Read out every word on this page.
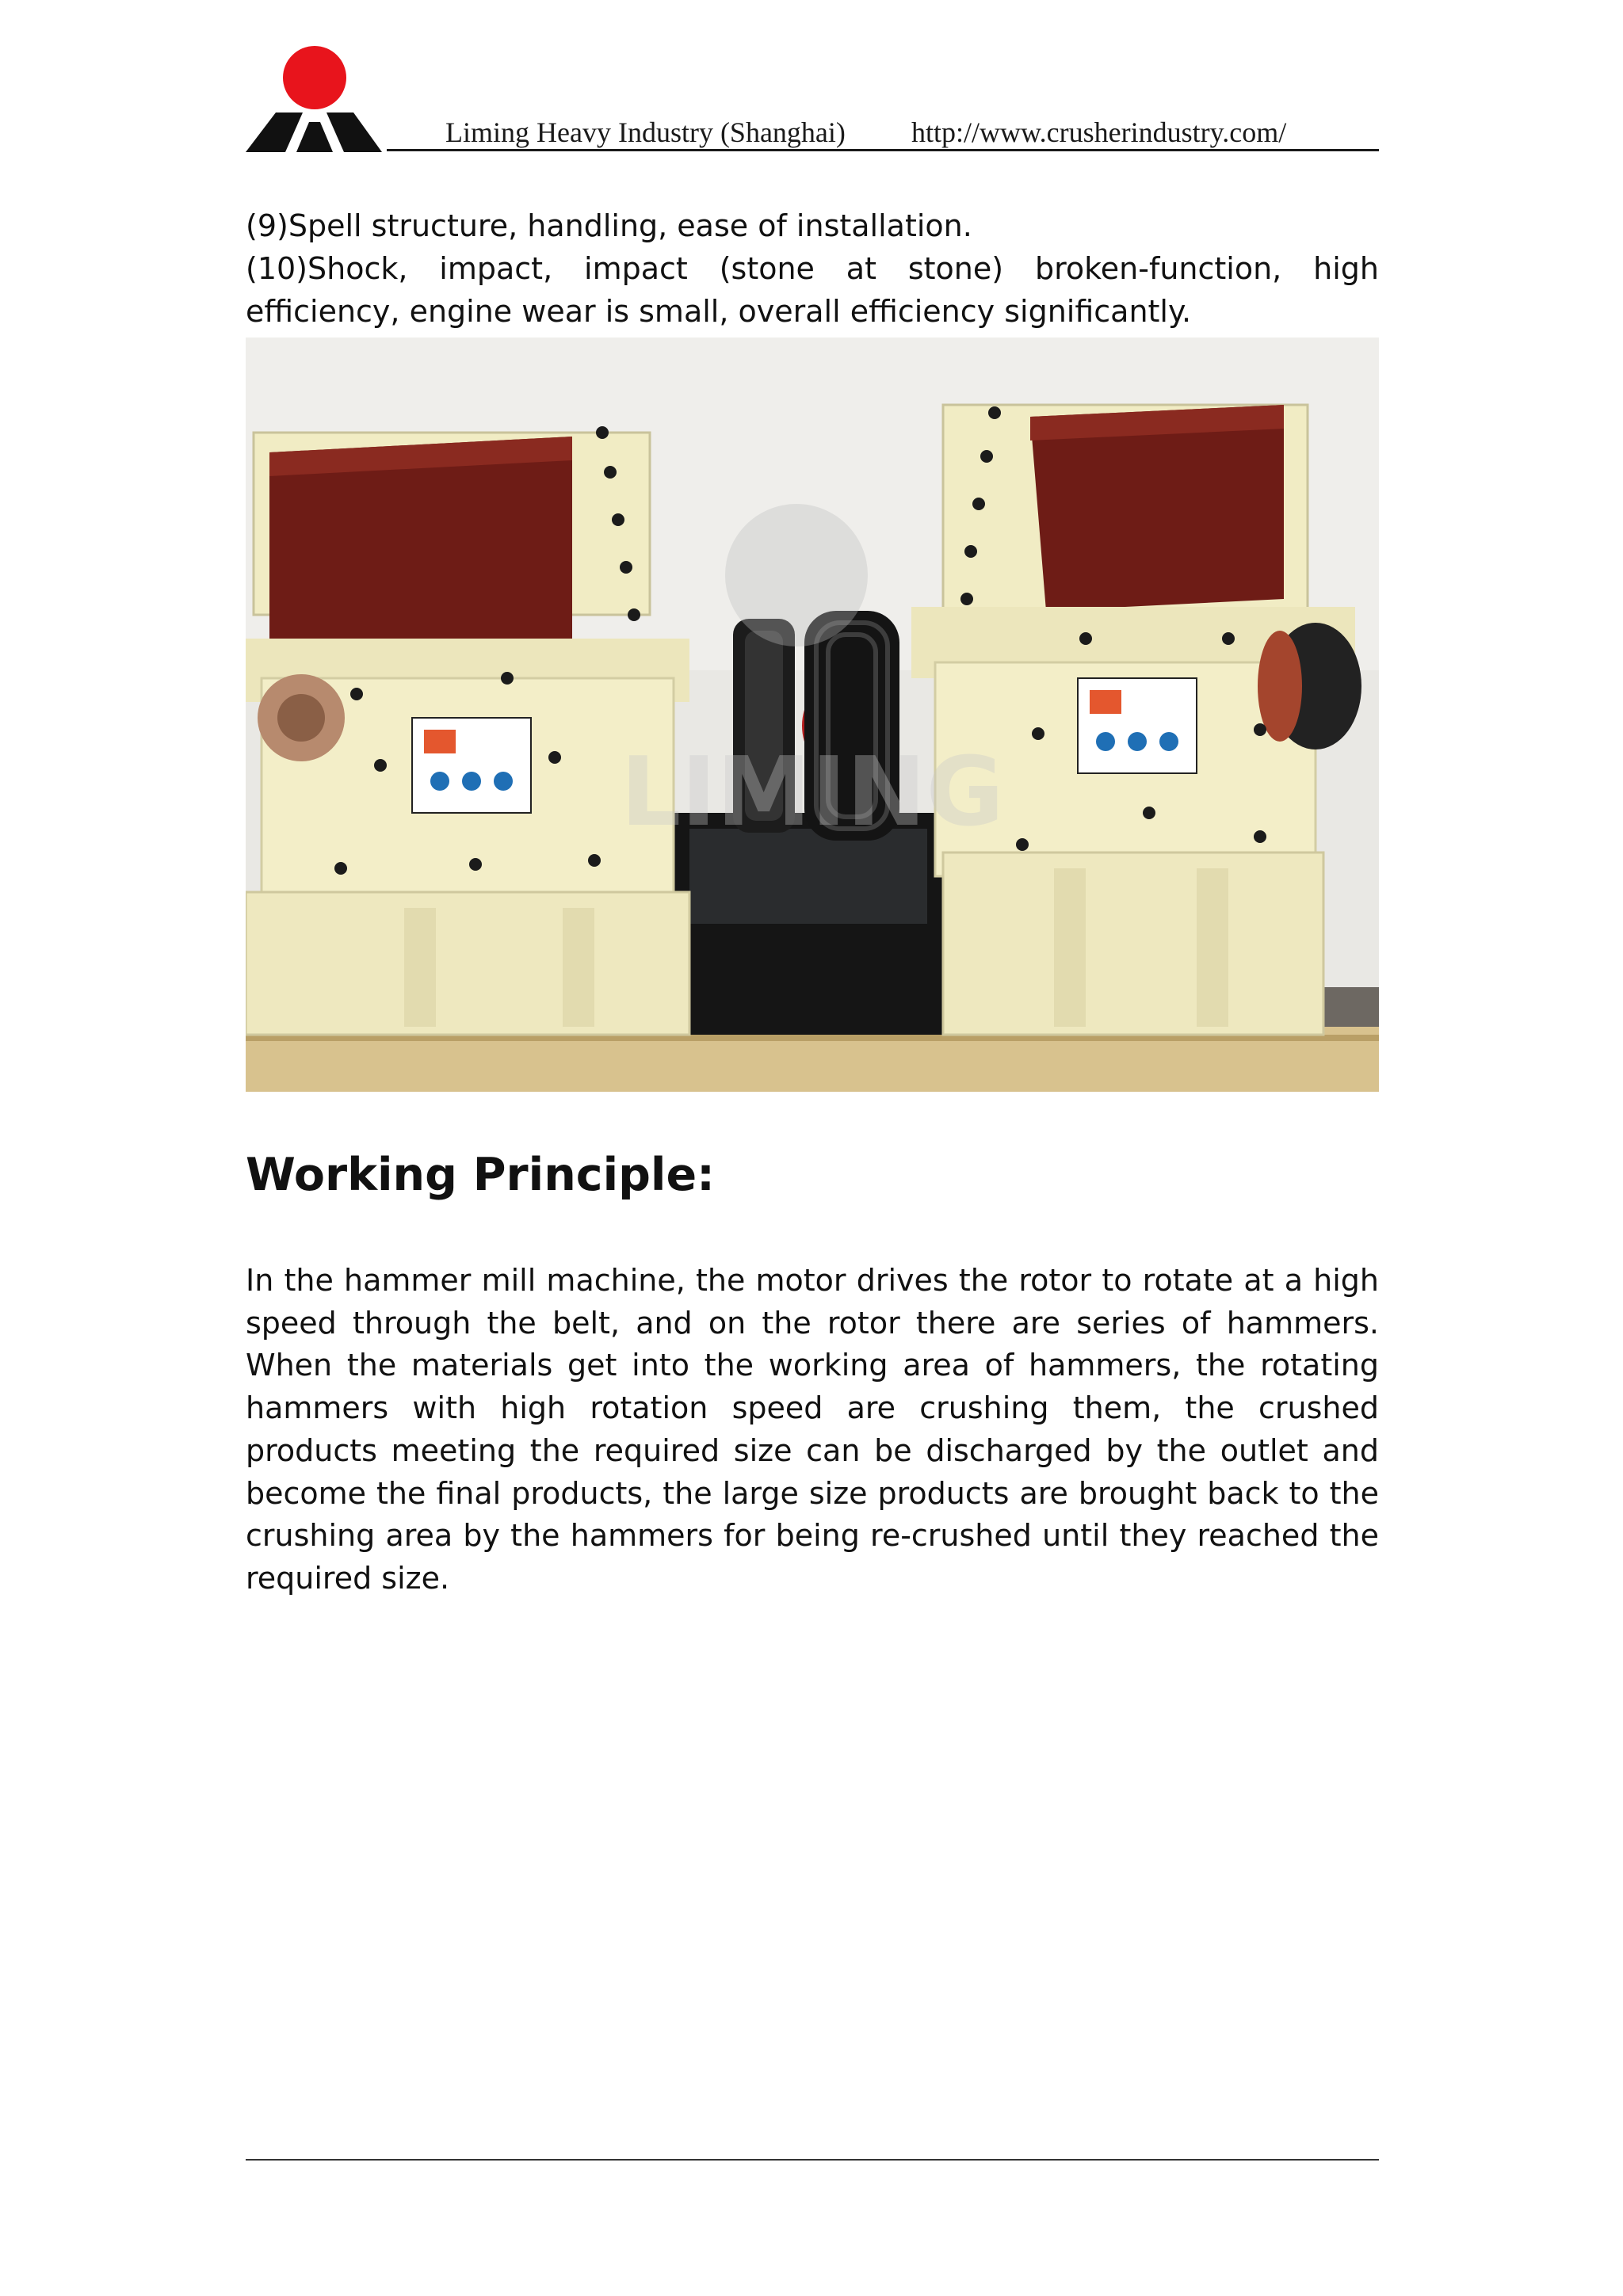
Liming Heavy Industry (Shanghai) http://www.crusherindustry.com/

(9)Spell structure, handling, ease of installation.

(10)Shock, impact, impact (stone at stone) broken-function, high efficiency, engine wear is small, overall efficiency significantly.

LIMING
Working Principle:

In the hammer mill machine, the motor drives the rotor to rotate at a high speed through the belt, and on the rotor there are series of hammers. When the materials get into the working area of hammers, the rotating hammers with high rotation speed are crushing them, the crushed products meeting the required size can be discharged by the outlet and become the final products, the large size products are brought back to the crushing area by the hammers for being re-crushed until they reached the required size.
